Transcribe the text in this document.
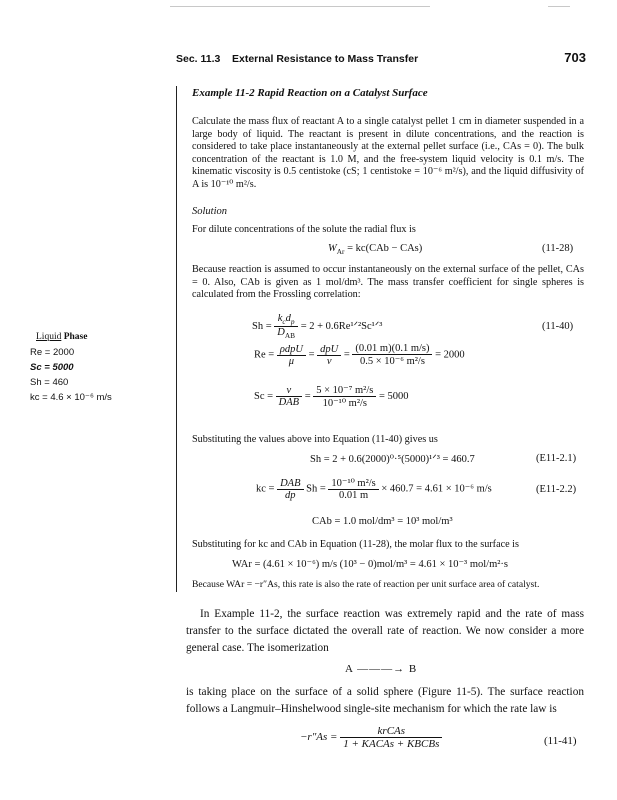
Sec. 11.3 External Resistance to Mass Transfer	703
Example 11-2 Rapid Reaction on a Catalyst Surface
Calculate the mass flux of reactant A to a single catalyst pellet 1 cm in diameter suspended in a large body of liquid. The reactant is present in dilute concentrations, and the reaction is considered to take place instantaneously at the external pellet surface (i.e., CAs = 0). The bulk concentration of the reactant is 1.0 M, and the free-system liquid velocity is 0.1 m/s. The kinematic viscosity is 0.5 centistoke (cS; 1 centistoke = 10⁻⁶ m²/s), and the liquid diffusivity of A is 10⁻¹⁰ m²/s.
Solution
For dilute concentrations of the solute the radial flux is
$W_{Ar} = kc(CAb - CAs)$	(11-28)
Because reaction is assumed to occur instantaneously on the external surface of the pellet, CAs = 0. Also, CAb is given as 1 mol/dm³. The mass transfer coefficient for single spheres is calculated from the Frossling correlation:
$Sh = \frac{k_cd_p}{D_{AB}} = 2$ + 0.6Re¹ᐟ²Sc¹ᐟ³	(11-40)
Liquid Phase
Re = 2000
Sc = 5000
Sh = 460
kc = 4.6 × 10⁻⁶ m/s
$Re = \frac{\text{ρdpU}}{\mu} = \frac{\text{dpU}}{\nu} = \frac{(0.01 m)(0.1 m/s)}{\text{0.5 × 10⁻⁶ m²/s}} = 2000$
$Sc = \frac{\nu}{\text{DAB}} = \frac{\text{5 × 10⁻⁷ m²/s}}{\text{10⁻¹⁰ m²/s}} = 5000$
Substituting the values above into Equation (11-40) gives us
Sh = 2 + 0.6(2000)⁰·⁵(5000)¹ᐟ³ = 460.7	(E11-2.1)
kc = $\frac{\text{DAB}}{dp}$ $Sh = \frac{\text{10⁻¹⁰ m²/s}}{0.01 m} \times 460.7 = 4.61 \times 10^{-6}$ m/s	(E11-2.2)
CAb = 1.0 mol/dm³ = 10³ mol/m³
Substituting for kc and CAb in Equation (11-28), the molar flux to the surface is
WAr = (4.61 × 10⁻⁶) m/s (10³ − 0)mol/m³ = 4.61 × 10⁻³ mol/m²·s
Because WAr = −r″As, this rate is also the rate of reaction per unit surface area of catalyst.
In Example 11-2, the surface reaction was extremely rapid and the rate of mass transfer to the surface dictated the overall rate of reaction. We now consider a more general case. The isomerization
A ———→ B
is taking place on the surface of a solid sphere (Figure 11-5). The surface reaction follows a Langmuir–Hinshelwood single-site mechanism for which the rate law is
$-r''As = \frac{\text{krCAs}}{\text{1 + KACAs + KBCBs}}$	(11-41)
